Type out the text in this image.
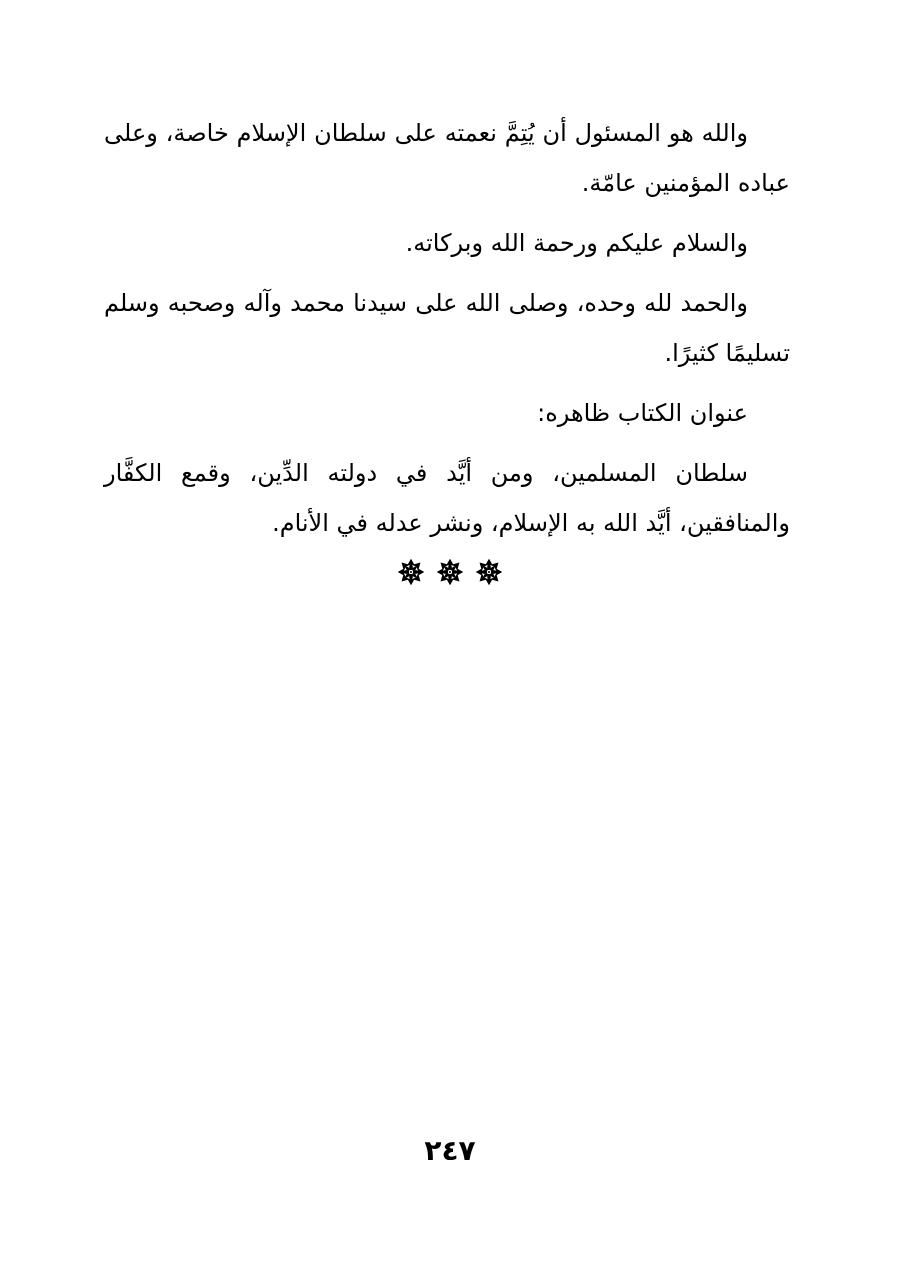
والله هو المسئول أن يُتِمَّ نعمته على سلطان الإسلام خاصة، وعلى عباده المؤمنين عامّة.

والسلام عليكم ورحمة الله وبركاته.

والحمد لله وحده، وصلى الله على سيدنا محمد وآله وصحبه وسلم تسليمًا كثيرًا.

عنوان الكتاب ظاهره:

سلطان المسلمين، ومن أيَّد في دولته الدِّين، وقمع الكفَّار والمنافقين، أيَّد الله به الإسلام، ونشر عدله في الأنام.

٢٤٧
